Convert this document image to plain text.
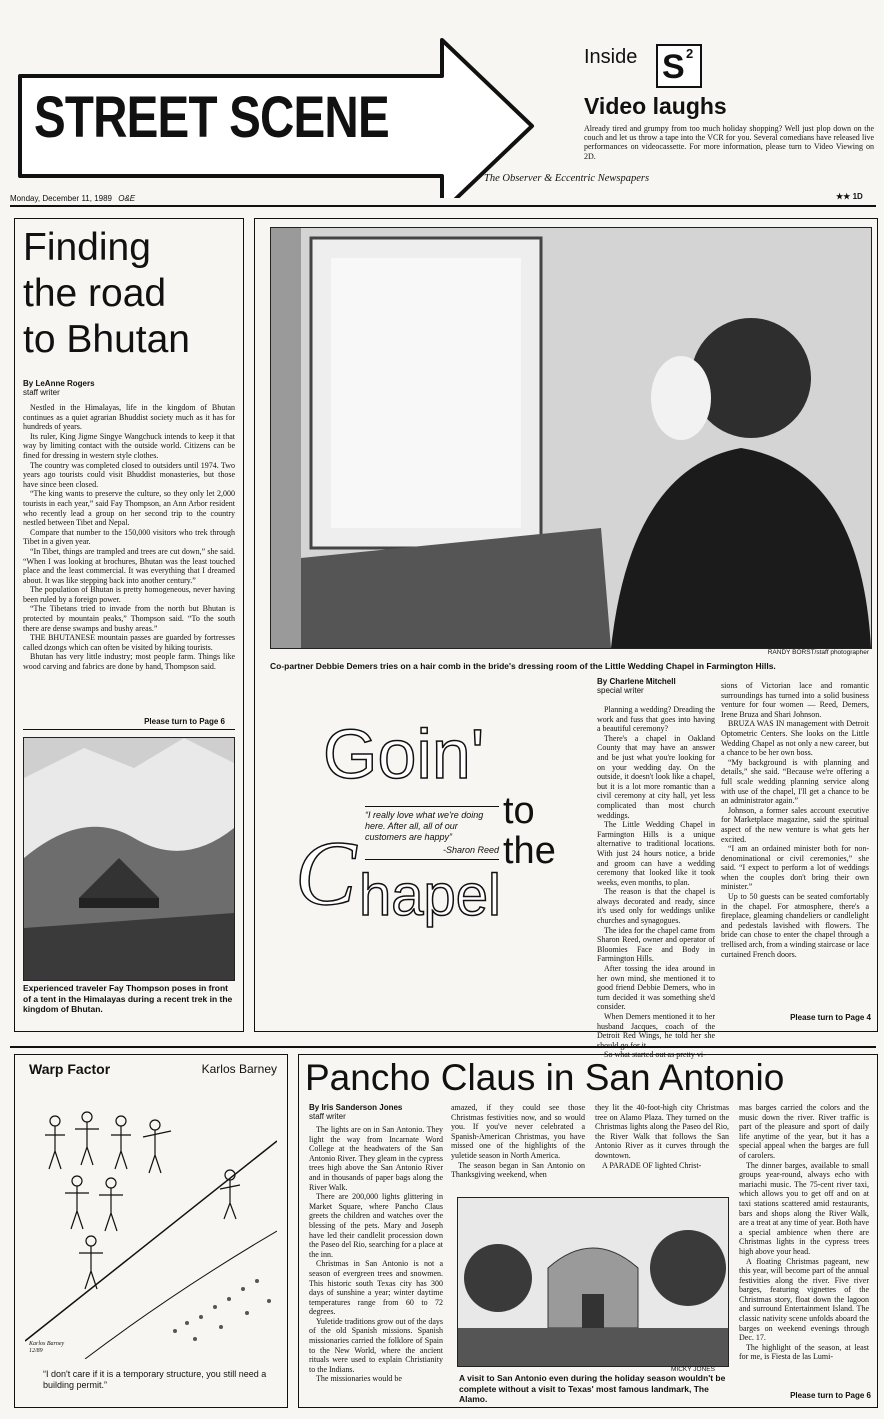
STREET SCENE
Inside S 2
Video laughs
Already tired and grumpy from too much holiday shopping? Well just plop down on the couch and let us throw a tape into the VCR for you. Several comedians have released live performances on videocassette. For more information, please turn to Video Viewing on 2D.
The Observer & Eccentric Newspapers
Monday, December 11, 1989 O&E	★★ 1D
Finding
the road
to Bhutan
By LeAnne Rogers
staff writer

Nestled in the Himalayas, life in the kingdom of Bhutan continues as a quiet agrarian Bhuddist society much as it has for hundreds of years.

Its ruler, King Jigme Singye Wangchuck intends to keep it that way by limiting contact with the outside world. Citizens can be fined for dressing in western style clothes.

The country was completed closed to outsiders until 1974. Two years ago tourists could visit Bhuddist monasteries, but those have since been closed.

“The king wants to preserve the culture, so they only let 2,000 tourists in each year,” said Fay Thompson, an Ann Arbor resident who recently lead a group on her second trip to the country nestled between Tibet and Nepal.

Compare that number to the 150,000 visitors who trek through Tibet in a given year.

“In Tibet, things are trampled and trees are cut down,” she said. “When I was looking at brochures, Bhutan was the least touched place and the least commercial. It was everything that I dreamed about. It was like stepping back into another century.”

The population of Bhutan is pretty homogeneous, never having been ruled by a foreign power.

“The Tibetans tried to invade from the north but Bhutan is protected by mountain peaks,” Thompson said. “To the south there are dense swamps and bushy areas.”

THE BHUTANESE mountain passes are guarded by fortresses called dzongs which can often be visited by hiking tourists.

Bhutan has very little industry; most people farm. Things like wood carving and fabrics are done by hand, Thompson said.

Please turn to Page 6
Experienced traveler Fay Thompson poses in front of a tent in the Himalayas during a recent trek in the kingdom of Bhutan.
RANDY BORST/staff photographer
Co-partner Debbie Demers tries on a hair comb in the bride's dressing room of the Little Wedding Chapel in Farmington Hills.
Goin'
“I really love what we're doing here. After all, all of our customers are happy”
-Sharon Reed
to
the
C hapel
By Charlene Mitchell
special writer

Planning a wedding? Dreading the work and fuss that goes into having a beautiful ceremony?

There's a chapel in Oakland County that may have an answer and be just what you're looking for on your wedding day. On the outside, it doesn't look like a chapel, but it is a lot more romantic than a civil ceremony at city hall, yet less complicated than most church weddings.

The Little Wedding Chapel in Farmington Hills is a unique alternative to traditional locations. With just 24 hours notice, a bride and groom can have a wedding ceremony that looked like it took weeks, even months, to plan.

The reason is that the chapel is always decorated and ready, since it's used only for weddings unlike churches and synagogues.

The idea for the chapel came from Sharon Reed, owner and operator of Bloomies Face and Body in Farmington Hills.

After tossing the idea around in her own mind, she mentioned it to good friend Debbie Demers, who in turn decided it was something she'd consider.

When Demers mentioned it to her husband Jacques, coach of the Detroit Red Wings, he told her she

So what started out as pretty vi-

sions of Victorian lace and romantic surroundings has turned into a solid business venture for four women — Reed, Demers, Irene Bruza and Shari Johnson.

BRUZA WAS IN management with Detroit Optometric Centers. She looks on the Little Wedding Chapel as not only a new career, but a chance to be her own boss.

“My background is with planning and details,” she said. “Because we're offering a full scale wedding planning service along with use of the chapel, I'll get a chance to be an administrator again.”

Johnson, a former sales account executive for Marketplace magazine, said the spiritual aspect of the new venture is what gets her excited.

“I am an ordained minister both for non-denominational or civil ceremonies,” she said. “I expect to perform a lot of weddings when the couples don't bring their own minister.”

Up to 50 guests can be seated comfortably in the chapel. For atmosphere, there's a fireplace, gleaming chandeliers or candlelight and pedestals lavished with flowers. The bride can chose to enter the chapel through a trellised arch, from a winding staircase or lace curtained French doors.

Please turn to Page 4
Warp Factor	Karlos Barney
Karlos Barney 12/89
“I don't care if it is a temporary structure, you still need a building permit.”
Pancho Claus in San Antonio
By Iris Sanderson Jones
staff writer

The lights are on in San Antonio. They light the way from Incarnate Word College at the headwaters of the San Antonio River. They gleam in the cypress trees high above the San Antonio River and in thousands of paper bags along the River Walk.

There are 200,000 lights glittering in Market Square, where Pancho Claus greets the children and watches over the blessing of the pets. Mary and Joseph have led their candlelit procession down the Paseo del Rio, searching for a place at the inn.

Christmas in San Antonio is not a season of evergreen trees and snowmen. This historic south Texas city has 300 days of sunshine a year; winter daytime temperatures range from 60 to 72 degrees.

Yuletide traditions grow out of the days of the old Spanish missions. Spanish missionaries carried the folklore of Spain to the New World, where the ancient rituals were used to explain Christianity to the Indians.

The missionaries would be

amazed, if they could see those Christmas festivities now, and so would you. If you've never celebrated a Spanish-American Christmas, you have missed one of the highlights of the yuletide season in North America.

The season began in San Antonio on Thanksgiving weekend, when

they lit the 40-foot-high city Christmas tree on Alamo Plaza. They turned on the Christmas lights along the Paseo del Rio, the River Walk that follows the San Antonio River as it curves through the downtown.

A PARADE OF lighted Christ-

mas barges carried the colors and the music down the river. River traffic is part of the pleasure and sport of daily life anytime of the year, but it has a special appeal when the barges are full of carolers.

The dinner barges, available to small groups year-round, always echo with mariachi music. The 75-cent river taxi, which allows you to get off and on at taxi stations scattered amid restaurants, bars and shops along the River Walk, are a treat at any time of year. Both have a special ambience when there are Christmas lights in the cypress trees high above your head.

A floating Christmas pageant, new this year, will become part of the annual festivities along the river. Five river barges, featuring vignettes of the Christmas story, float down the lagoon and surround Entertainment Island. The classic nativity scene unfolds aboard the barges on weekend evenings through Dec. 17.

The highlight of the season, at least for me, is Fiesta de las Lumi-

MICKY JONES
A visit to San Antonio even during the holiday season wouldn't be complete without a visit to Texas' most famous landmark, The Alamo.	Please turn to Page 6
